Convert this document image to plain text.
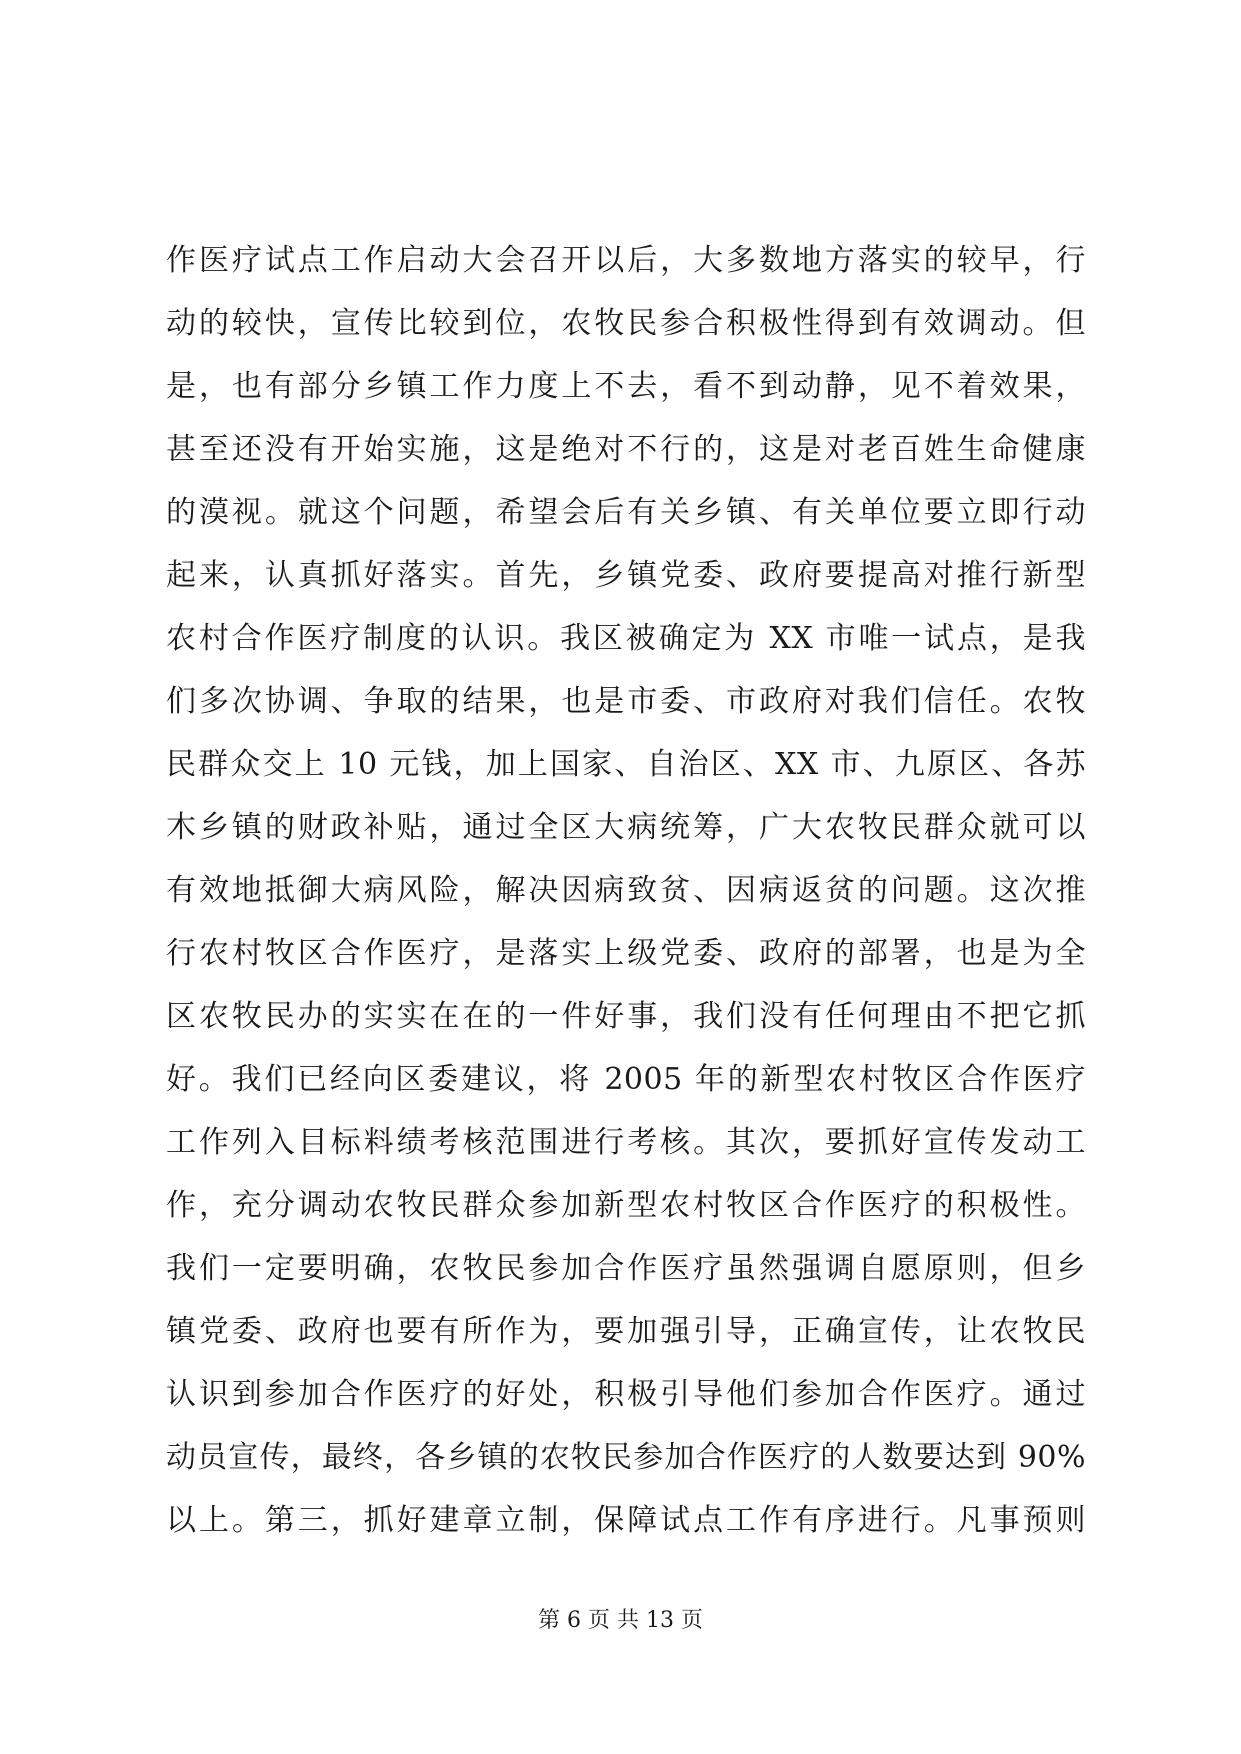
作医疗试点工作启动大会召开以后，大多数地方落实的较早，行
动的较快，宣传比较到位，农牧民参合积极性得到有效调动。但
是，也有部分乡镇工作力度上不去，看不到动静，见不着效果，
甚至还没有开始实施，这是绝对不行的，这是对老百姓生命健康
的漠视。就这个问题，希望会后有关乡镇、有关单位要立即行动
起来，认真抓好落实。首先，乡镇党委、政府要提高对推行新型
农村合作医疗制度的认识。我区被确定为 XX 市唯一试点，是我
们多次协调、争取的结果，也是市委、市政府对我们信任。农牧
民群众交上 10 元钱，加上国家、自治区、XX 市、九原区、各苏
木乡镇的财政补贴，通过全区大病统筹，广大农牧民群众就可以
有效地抵御大病风险，解决因病致贫、因病返贫的问题。这次推
行农村牧区合作医疗，是落实上级党委、政府的部署，也是为全
区农牧民办的实实在在的一件好事，我们没有任何理由不把它抓
好。我们已经向区委建议，将 2005 年的新型农村牧区合作医疗
工作列入目标料绩考核范围进行考核。其次，要抓好宣传发动工
作，充分调动农牧民群众参加新型农村牧区合作医疗的积极性。
我们一定要明确，农牧民参加合作医疗虽然强调自愿原则，但乡
镇党委、政府也要有所作为，要加强引导，正确宣传，让农牧民
认识到参加合作医疗的好处，积极引导他们参加合作医疗。通过
动员宣传，最终，各乡镇的农牧民参加合作医疗的人数要达到 90%
以上。第三，抓好建章立制，保障试点工作有序进行。凡事预则
第 6 页 共 13 页
